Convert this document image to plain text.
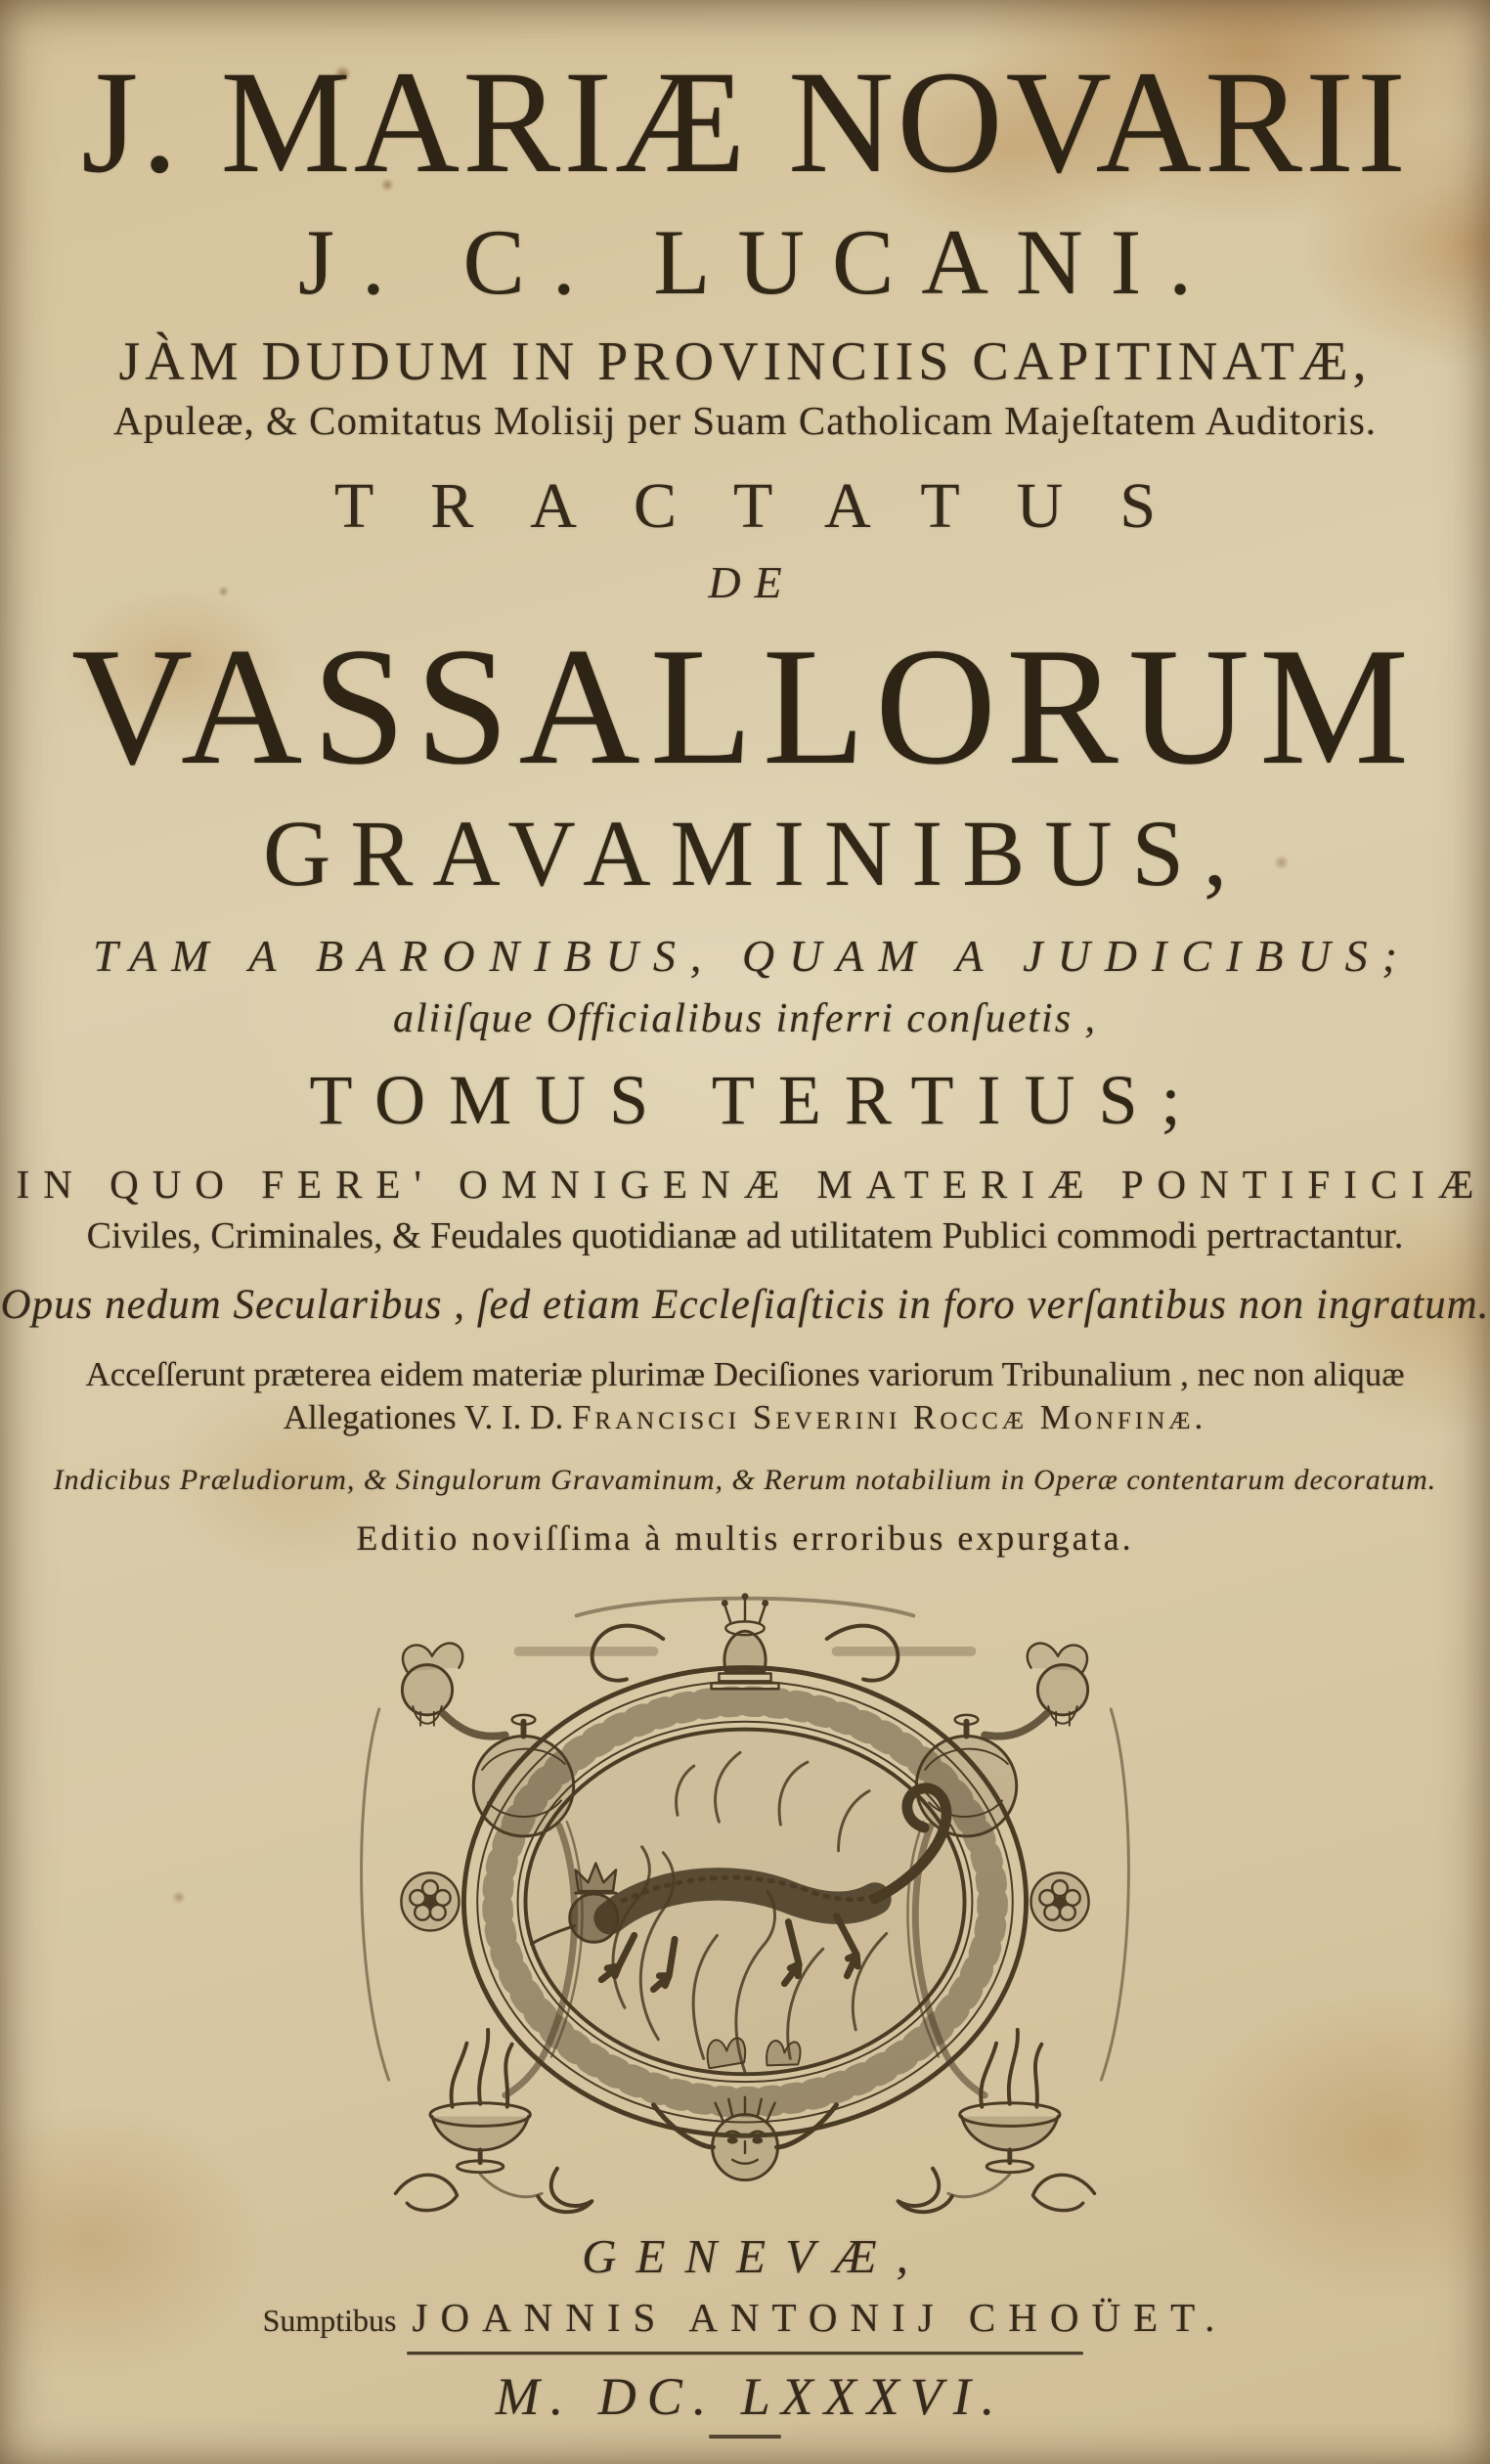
J. MARIÆ NOVARII
J. C. LUCANI.
JÀM DUDUM IN PROVINCIIS CAPITINATÆ,
Apuleæ, & Comitatus Molisij per Suam Catholicam Majeſtatem Auditoris.
TRACTATUS
DE
VASSALLORUM
GRAVAMINIBUS,
TAM A BARONIBUS, QUAM A JUDICIBUS;
aliiſque Officialibus inferri conſuetis ,
TOMUS TERTIUS;
IN QUO FERE' OMNIGENÆ MATERIÆ PONTIFICIÆ
Civiles, Criminales, & Feudales quotidianæ ad utilitatem Publici commodi pertractantur.
Opus nedum Secularibus , ſed etiam Eccleſiaſticis in foro verſantibus non ingratum.
Acceſſerunt præterea eidem materiæ plurimæ Deciſiones variorum Tribunalium , nec non aliquæ
Allegationes V. I. D. Francisci Severini Roccæ Monfinæ.
Indicibus Præludiorum, & Singulorum Gravaminum, & Rerum notabilium in Operæ contentarum decoratum.
Editio noviſſima à multis erroribus expurgata.
GENEVÆ,
Sumptibus JOANNIS ANTONIJ CHOÜET.
M. DC. LXXXVI.
